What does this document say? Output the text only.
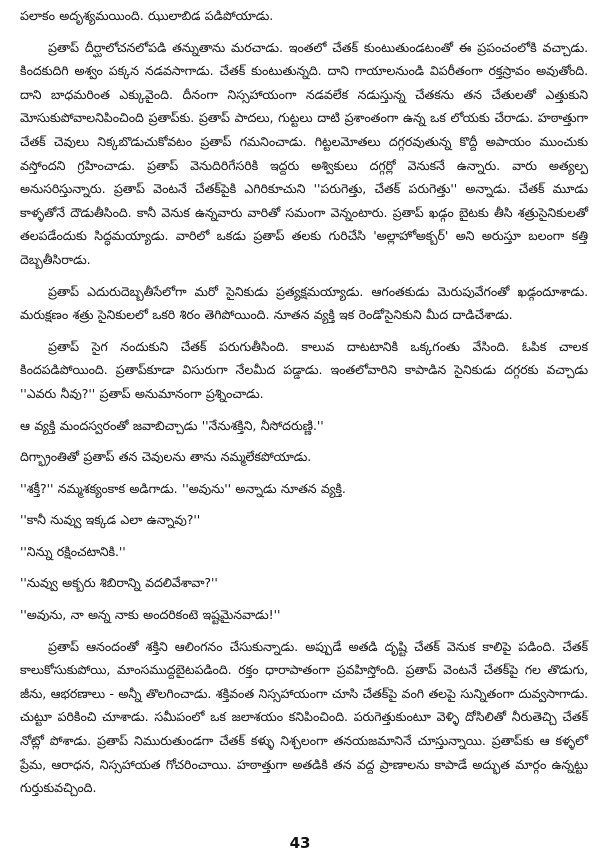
పలాకం అదృశ్యమయింది. ఝులాబిడ పడిపోయాడు.

ప్రతాప్ దీర్ఘాలోచనలోపడి తన్నుతాను మరచాడు. ఇంతలో చేతక్ కుంటుతుండటంతో ఈ ప్రపంచంలోకి వచ్చాడు. కిందకుదిగి అశ్వం పక్కన నడవసాగాడు. చేతక్ కుంటుతున్నది. దాని గాయాలనుండి విపరీతంగా రక్తస్రావం అవుతోంది. దాని బాధమరింత ఎక్కువైంది. దీనంగా నిస్సహాయంగా నడవలేక నడుస్తున్న చేతకను తన చేతులతో ఎత్తుకుని మోసుకుపోవాలనిపించింది ప్రతాప్‌కు. ప్రతాప్ పాదలు, గుట్టలు దాటి ప్రశాంతంగా ఉన్న ఒక లోయకు చేరాడు. హఠాత్తుగా చేతక్ చెవులు నిక్కబొడుచుకోవటం ప్రతాప్ గమనించాడు. గిట్టలమోతలు దగ్గరవుతున్న కొద్దీ అపాయం ముంచుకు వస్తోందని గ్రహించాడు. ప్రతాప్ వెనుదిరిగేసరికి ఇద్దరు అశ్వికులు దగ్గర్లో వెనుకనే ఉన్నారు. వారు అత్యల్ప అనుసరిస్తున్నారు. ప్రతాప్ వెంటనే చేతక్‌పైకి ఎగిరికూచుని ''పరుగెత్తు, చేతక్ పరుగెత్తు'' అన్నాడు. చేతక్ మూడు కాళ్ళతోనే దౌడుతీసింది. కానీ వెనుక ఉన్నవారు వారితో సమంగా వెన్నంటారు. ప్రతాప్ ఖడ్గం బైటకు తీసి శత్రుసైనికులతో తలపడేందుకు సిద్ధమయ్యాడు. వారిలో ఒకడు ప్రతాప్ తలకు గురిచేసి 'అల్లాహోఅక్బర్' అని అరుస్తూ బలంగా కత్తి దెబ్బతీసిరాడు.

ప్రతాప్ ఎదురుదెబ్బతీసేలోగా మరో సైనికుడు ప్రత్యక్షమయ్యాడు. ఆగంతకుడు మెరుపువేగంతో ఖడ్గందూశాడు. మరుక్షణం శత్రు సైనికులలో ఒకరి శిరం తెగిపోయింది. నూతన వ్యక్తి ఇక రెండోసైనికుని మీద దాడిచేశాడు.

ప్రతాప్ సైగ నందుకుని చేతక్ పరుగుతీసింది. కాలువ దాటటానికి ఒక్కగంతు వేసింది. ఓపిక చాలక కిందపడిపోయింది. ప్రతాప్‌కూడా విసురుగా నేలమీద పడ్డాడు. ఇంతలోవారిని కాపాడిన సైనికుడు దగ్గరకు వచ్చాడు ''ఎవరు నీవు?'' ప్రతాప్ అనుమానంగా ప్రశ్నించాడు.

ఆ వ్యక్తి మందస్వరంతో జవాబిచ్చాడు ''నేనుశక్తిని, నీసోదరుణ్ణి.''

దిగ్భ్రాంతితో ప్రతాప్ తన చెవులను తాను నమ్మలేకపోయాడు.

''శక్తీ?'' నమ్మశక్యంకాక అడిగాడు. ''అవును'' అన్నాడు నూతన వ్యక్తి.

''కానీ నువ్వు ఇక్కడ ఎలా ఉన్నావు?''

''నిన్ను రక్షించటానికి.''

''నువ్వు అక్బరు శిబిరాన్ని వదలివేశావా?''

''అవును, నా అన్న నాకు అందరికంటె ఇష్టమైనవాడు!''

ప్రతాప్ ఆనందంతో శక్తిని ఆలింగనం చేసుకున్నాడు. అప్పుడే అతడి దృష్టి చేతక్ వెనుక కాలిపై పడింది. చేతక్ కాలుకోసుకుపోయి, మాంసముద్దబైటపడింది. రక్తం ధారాపాతంగా ప్రవహిస్తోంది. ప్రతాప్ వెంటనే చేతక్‌పై గల తొడుగు, జీను, ఆభరణాలు - అన్నీ తొలగించాడు. శక్తివంత నిస్సహాయంగా చూసి చేతక్‌పై వంగి తలపై సున్నితంగా దువ్వసాగాడు. చుట్టూ పరికించి చూశాడు. సమీపంలో ఒక జలాశయం కనిపించింది. పరుగెత్తుకుంటూ వెళ్ళి దోసిలితో నీరుతెచ్చి చేతక్ నోట్లో పోశాడు. ప్రతాప్ నిమురుతుండగా చేతక్ కళ్ళు నిశ్చలంగా తనయజమానినే చూస్తున్నాయి. ప్రతాప్‌కు ఆ కళ్ళలో ప్రేమ, ఆరాధన, నిస్సహాయత గోచరించాయి. హఠాత్తుగా అతడికి తన వద్ద ప్రాణాలను కాపాడే అద్భుత మార్గం ఉన్నట్టు గుర్తుకువచ్చింది.

43
